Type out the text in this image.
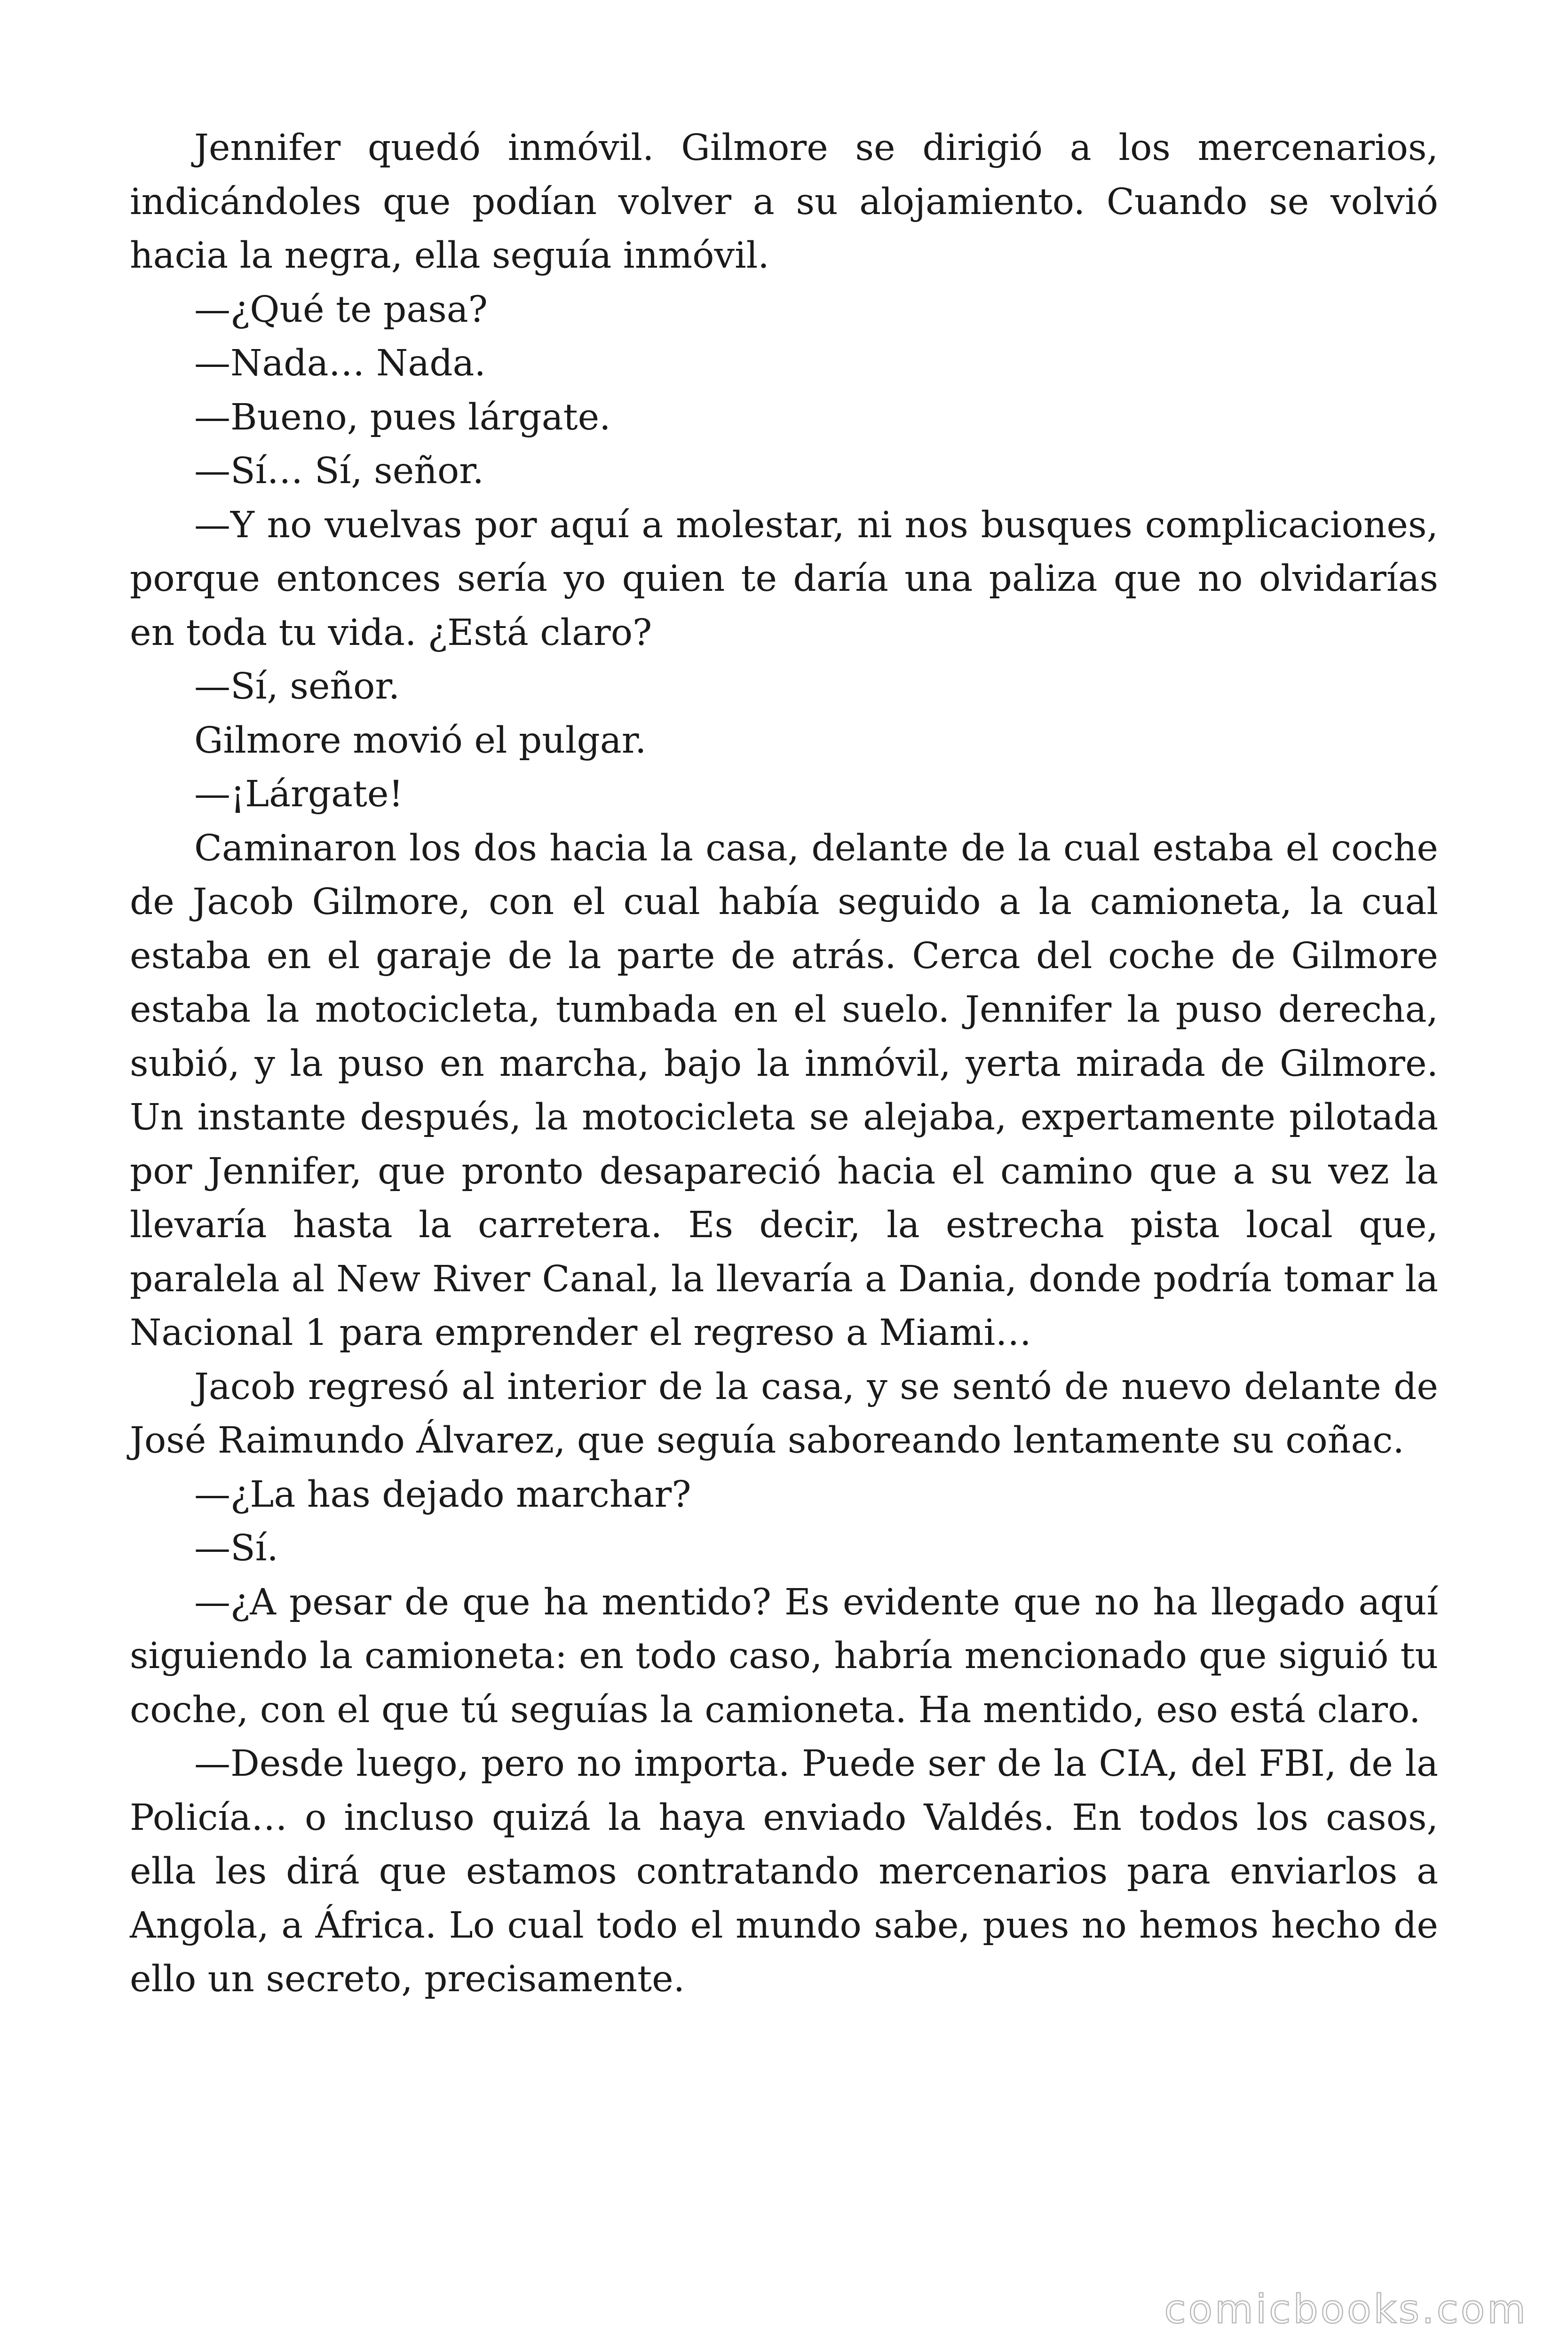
Jennifer quedó inmóvil. Gilmore se dirigió a los mercenarios, indicándoles que podían volver a su alojamiento. Cuando se volvió hacia la negra, ella seguía inmóvil.

—¿Qué te pasa?

—Nada… Nada.

—Bueno, pues lárgate.

—Sí… Sí, señor.

—Y no vuelvas por aquí a molestar, ni nos busques complicaciones, porque entonces sería yo quien te daría una paliza que no olvidarías en toda tu vida. ¿Está claro?

—Sí, señor.

Gilmore movió el pulgar.

—¡Lárgate!

Caminaron los dos hacia la casa, delante de la cual estaba el coche de Jacob Gilmore, con el cual había seguido a la camioneta, la cual estaba en el garaje de la parte de atrás. Cerca del coche de Gilmore estaba la motocicleta, tumbada en el suelo. Jennifer la puso derecha, subió, y la puso en marcha, bajo la inmóvil, yerta mirada de Gilmore. Un instante después, la motocicleta se alejaba, expertamente pilotada por Jennifer, que pronto desapareció hacia el camino que a su vez la llevaría hasta la carretera. Es decir, la estrecha pista local que, paralela al New River Canal, la llevaría a Dania, donde podría tomar la Nacional 1 para emprender el regreso a Miami…

Jacob regresó al interior de la casa, y se sentó de nuevo delante de José Raimundo Álvarez, que seguía saboreando lentamente su coñac.

—¿La has dejado marchar?

—Sí.

—¿A pesar de que ha mentido? Es evidente que no ha llegado aquí siguiendo la camioneta: en todo caso, habría mencionado que siguió tu coche, con el que tú seguías la camioneta. Ha mentido, eso está claro.

—Desde luego, pero no importa. Puede ser de la CIA, del FBI, de la Policía… o incluso quizá la haya enviado Valdés. En todos los casos, ella les dirá que estamos contratando mercenarios para enviarlos a Angola, a África. Lo cual todo el mundo sabe, pues no hemos hecho de ello un secreto, precisamente.

comicbooks.com
